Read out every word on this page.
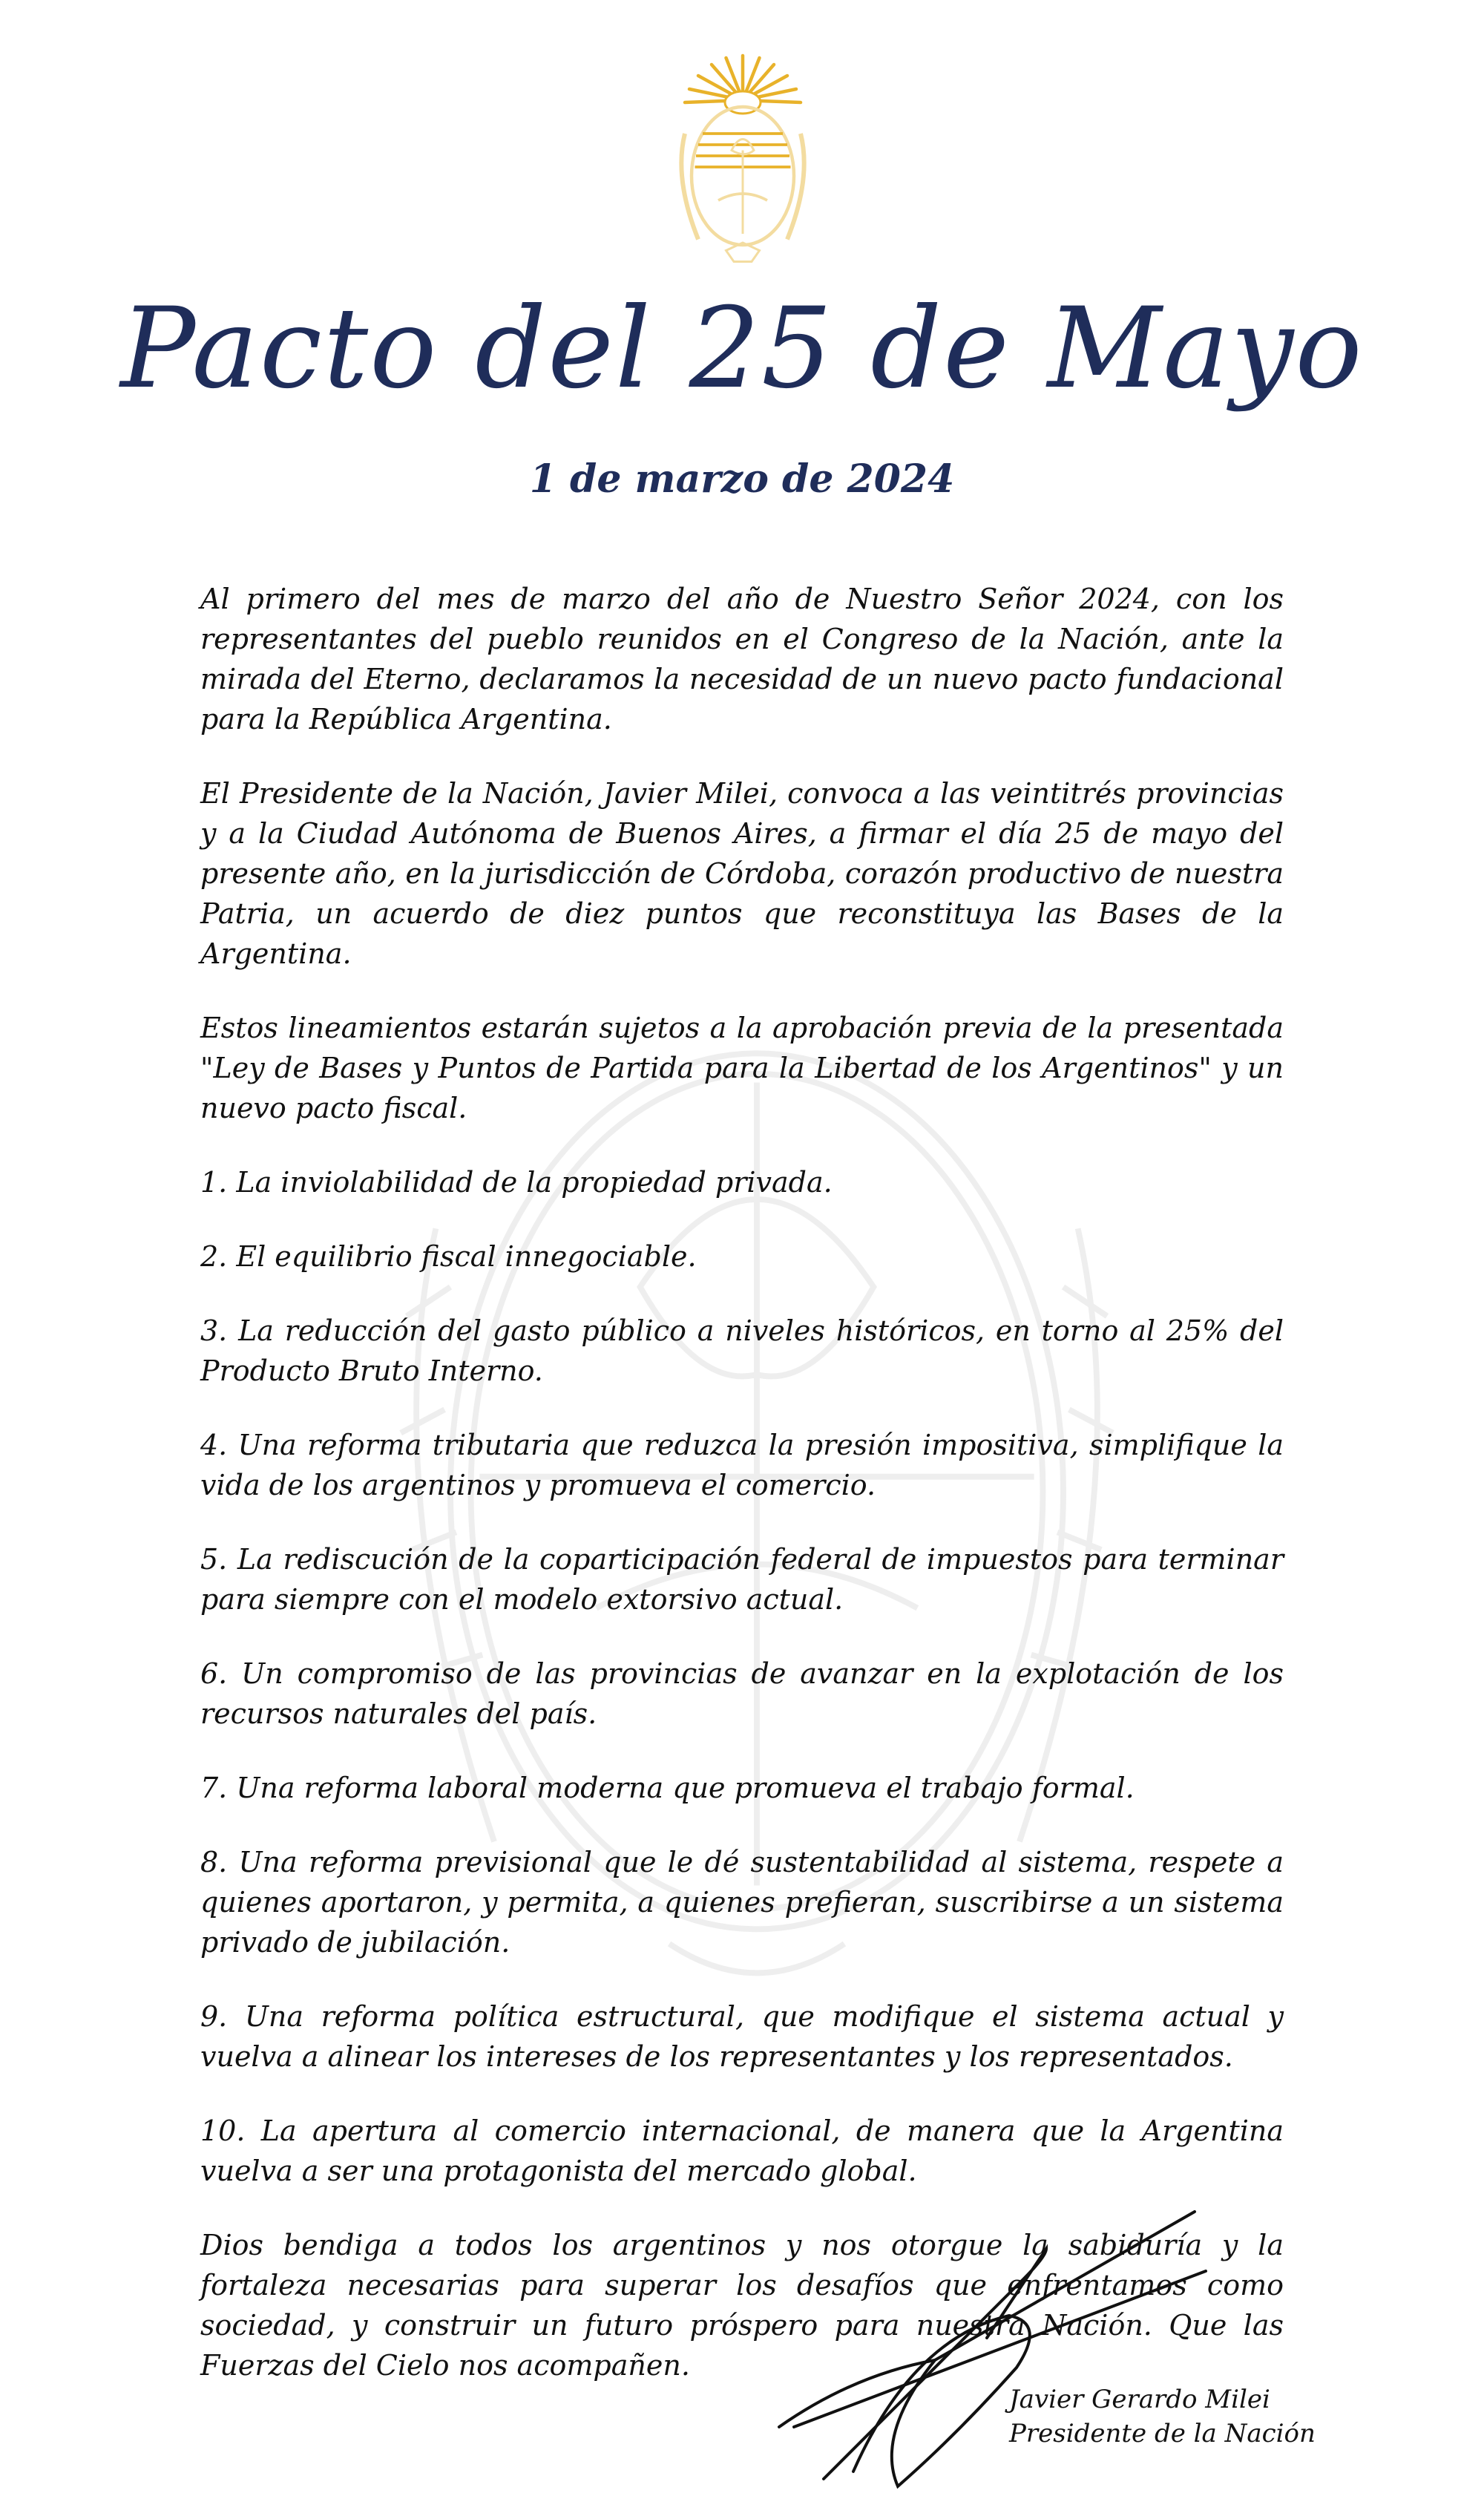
Pacto del 25 de Mayo
1 de marzo de 2024

Al primero del mes de marzo del año de Nuestro Señor 2024, con los representantes del pueblo reunidos en el Congreso de la Nación, ante la mirada del Eterno, declaramos la necesidad de un nuevo pacto fundacional para la República Argentina.

El Presidente de la Nación, Javier Milei, convoca a las veintitrés provincias y a la Ciudad Autónoma de Buenos Aires, a firmar el día 25 de mayo del presente año, en la jurisdicción de Córdoba, corazón productivo de nuestra Patria, un acuerdo de diez puntos que reconstituya las Bases de la Argentina.

Estos lineamientos estarán sujetos a la aprobación previa de la presentada "Ley de Bases y Puntos de Partida para la Libertad de los Argentinos" y un nuevo pacto fiscal.

1. La inviolabilidad de la propiedad privada.

2. El equilibrio fiscal innegociable.

3. La reducción del gasto público a niveles históricos, en torno al 25% del Producto Bruto Interno.

4. Una reforma tributaria que reduzca la presión impositiva, simplifique la vida de los argentinos y promueva el comercio.

5. La rediscución de la coparticipación federal de impuestos para terminar para siempre con el modelo extorsivo actual.

6. Un compromiso de las provincias de avanzar en la explotación de los recursos naturales del país.

7. Una reforma laboral moderna que promueva el trabajo formal.

8. Una reforma previsional que le dé sustentabilidad al sistema, respete a quienes aportaron, y permita, a quienes prefieran, suscribirse a un sistema privado de jubilación.

9. Una reforma política estructural, que modifique el sistema actual y vuelva a alinear los intereses de los representantes y los representados.

10. La apertura al comercio internacional, de manera que la Argentina vuelva a ser una protagonista del mercado global.

Dios bendiga a todos los argentinos y nos otorgue la sabiduría y la fortaleza necesarias para superar los desafíos que enfrentamos como sociedad, y construir un futuro próspero para nuestra Nación. Que las Fuerzas del Cielo nos acompañen.

Javier Gerardo Milei
Presidente de la Nación
